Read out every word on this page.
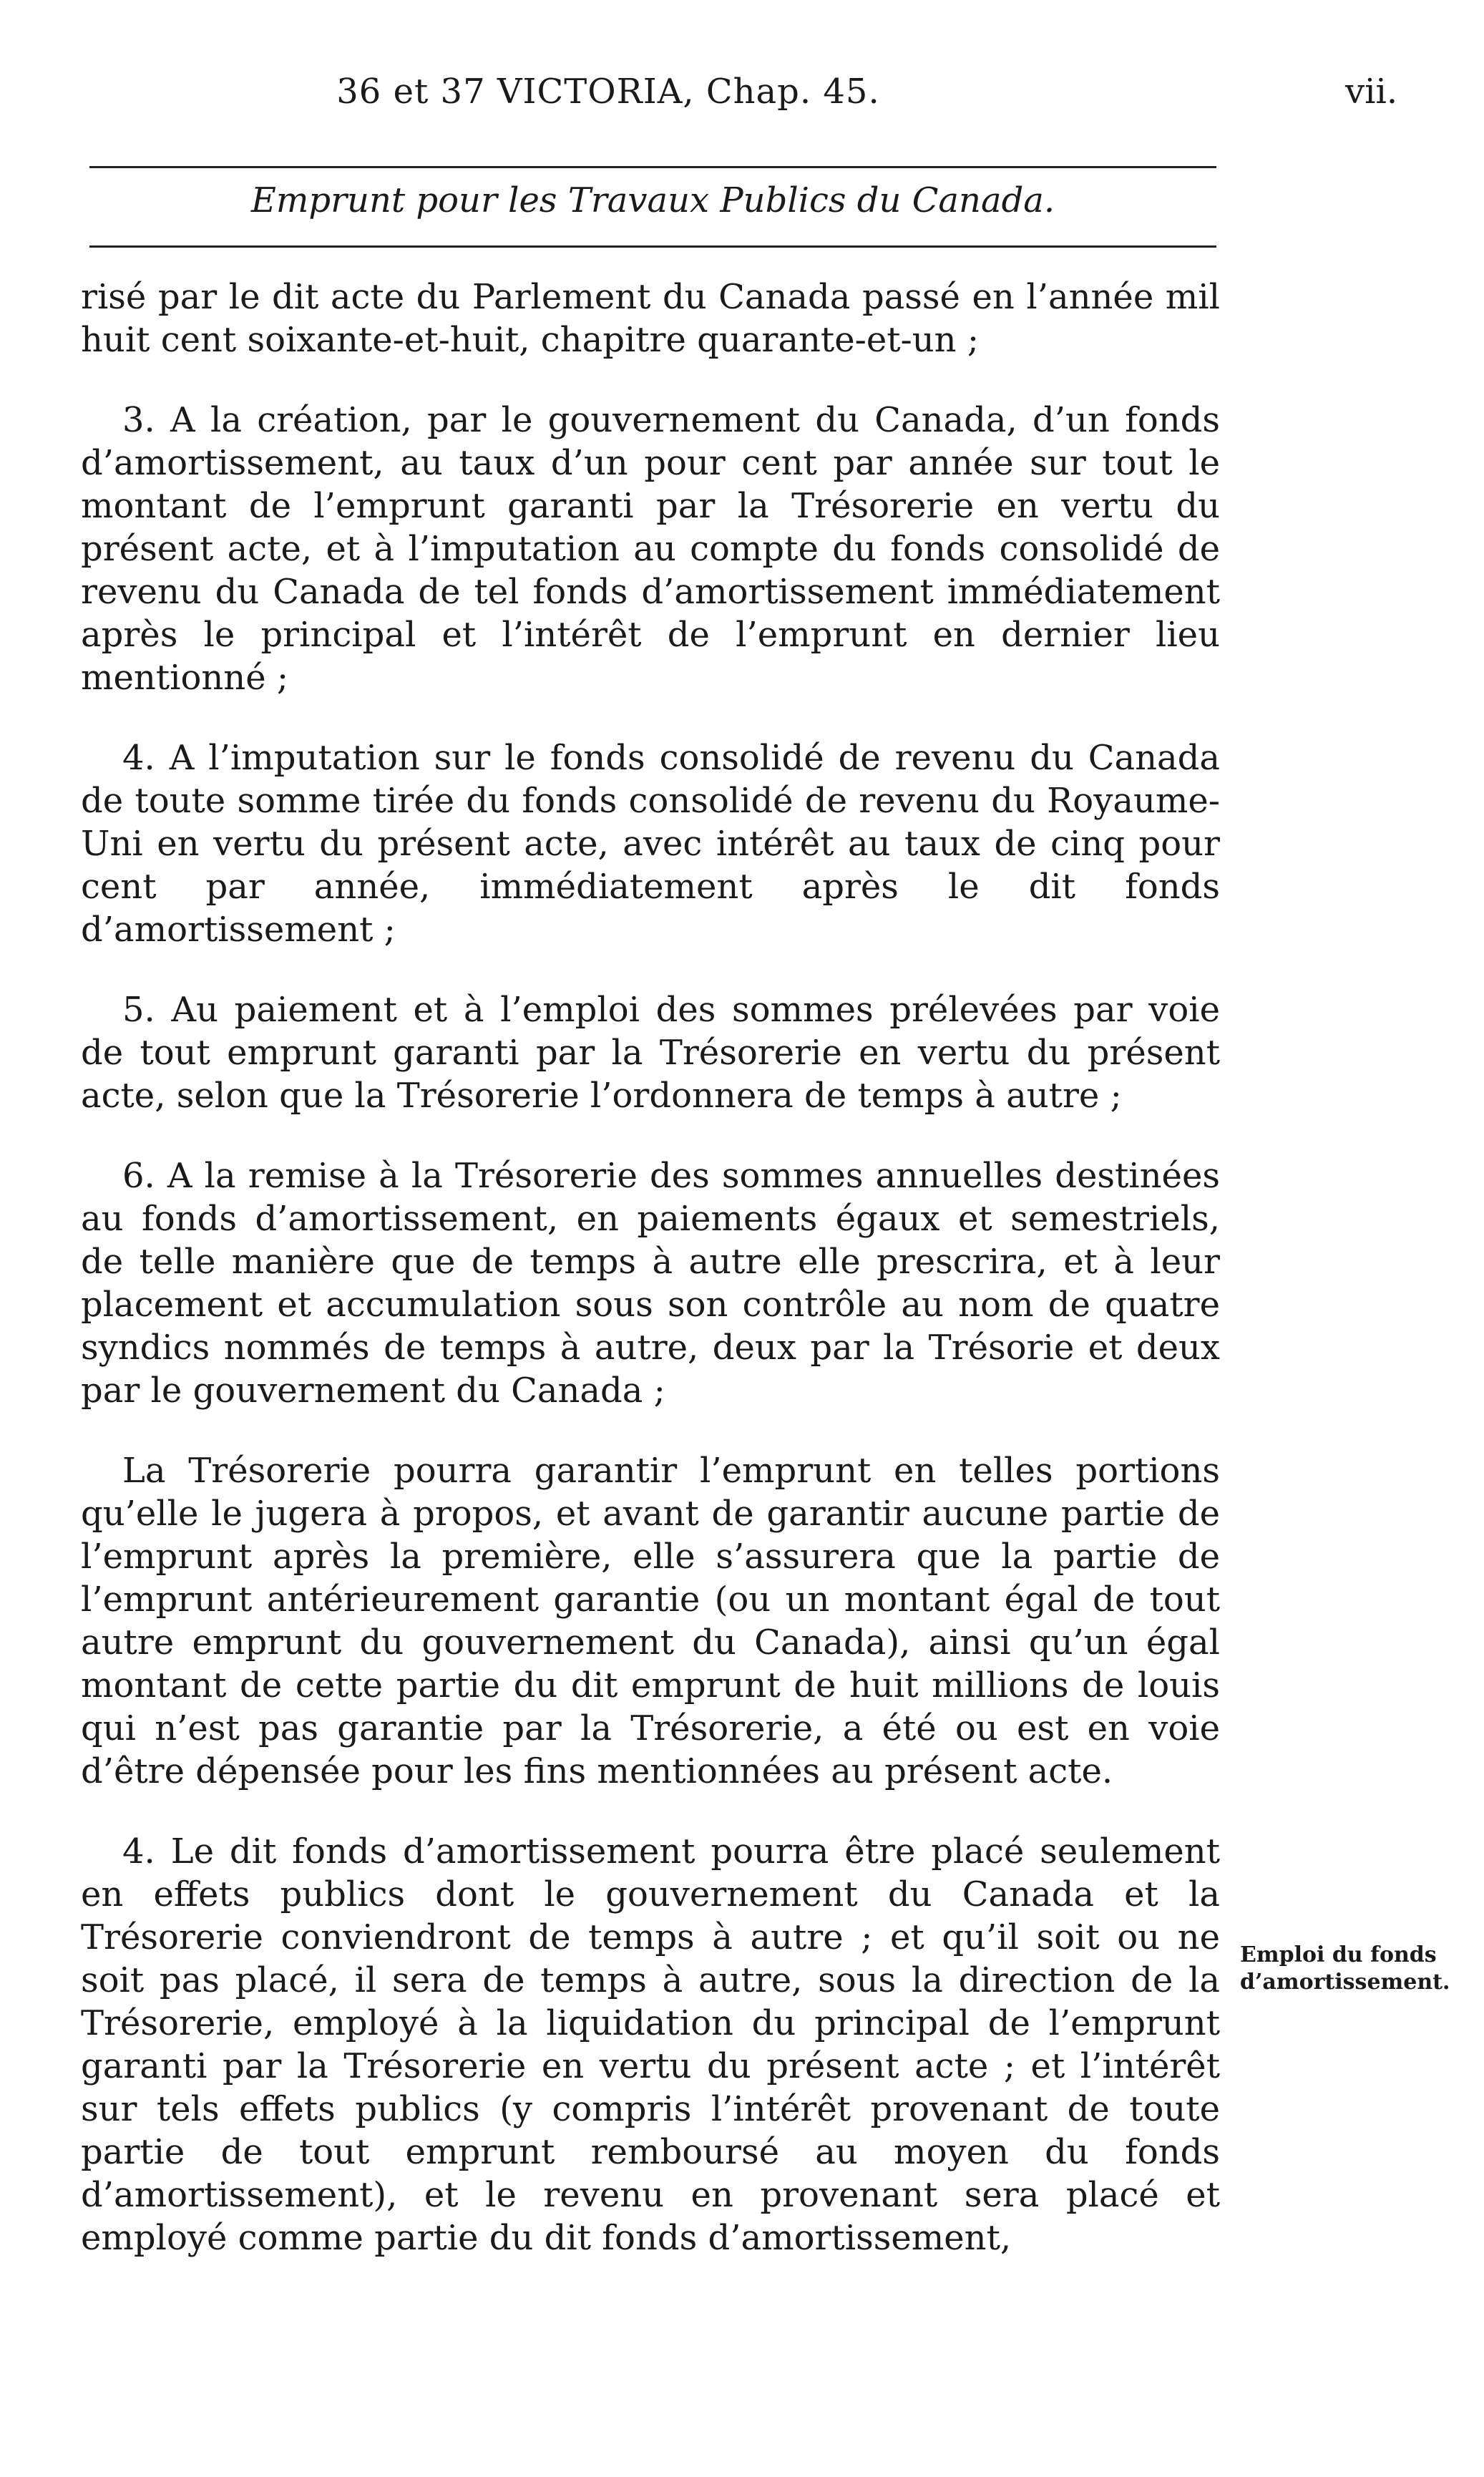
36 et 37 VICTORIA, Chap. 45.	vii.
Emprunt pour les Travaux Publics du Canada.

risé par le dit acte du Parlement du Canada passé en l’année mil huit cent soixante-et-huit, chapitre quarante-et-un ;

3. A la création, par le gouvernement du Canada, d’un fonds d’amortissement, au taux d’un pour cent par année sur tout le montant de l’emprunt garanti par la Trésorerie en vertu du présent acte, et à l’imputation au compte du fonds consolidé de revenu du Canada de tel fonds d’amortissement immédiatement après le principal et l’intérêt de l’emprunt en dernier lieu mentionné ;

4. A l’imputation sur le fonds consolidé de revenu du Canada de toute somme tirée du fonds consolidé de revenu du Royaume-Uni en vertu du présent acte, avec intérêt au taux de cinq pour cent par année, immédiatement après le dit fonds d’amortissement ;

5. Au paiement et à l’emploi des sommes prélevées par voie de tout emprunt garanti par la Trésorerie en vertu du présent acte, selon que la Trésorerie l’ordonnera de temps à autre ;

6. A la remise à la Trésorerie des sommes annuelles destinées au fonds d’amortissement, en paiements égaux et semestriels, de telle manière que de temps à autre elle prescrira, et à leur placement et accumulation sous son contrôle au nom de quatre syndics nommés de temps à autre, deux par la Trésorie et deux par le gouvernement du Canada ;

La Trésorerie pourra garantir l’emprunt en telles portions qu’elle le jugera à propos, et avant de garantir aucune partie de l’emprunt après la première, elle s’assurera que la partie de l’emprunt antérieurement garantie (ou un montant égal de tout autre emprunt du gouvernement du Canada), ainsi qu’un égal montant de cette partie du dit emprunt de huit millions de louis qui n’est pas garantie par la Trésorerie, a été ou est en voie d’être dépensée pour les fins mentionnées au présent acte.

4. Le dit fonds d’amortissement pourra être placé seulement en effets publics dont le gouvernement du Canada et la Trésorerie conviendront de temps à autre ; et qu’il soit ou ne soit pas placé, il sera de temps à autre, sous la direction de la Trésorerie, employé à la liquidation du principal de l’emprunt garanti par la Trésorerie en vertu du présent acte ; et l’intérêt sur tels effets publics (y compris l’intérêt provenant de toute partie de tout emprunt remboursé au moyen du fonds d’amortissement), et le revenu en provenant sera placé et employé comme partie du dit fonds d’amortissement,

Emploi du fonds d’amortissement.
